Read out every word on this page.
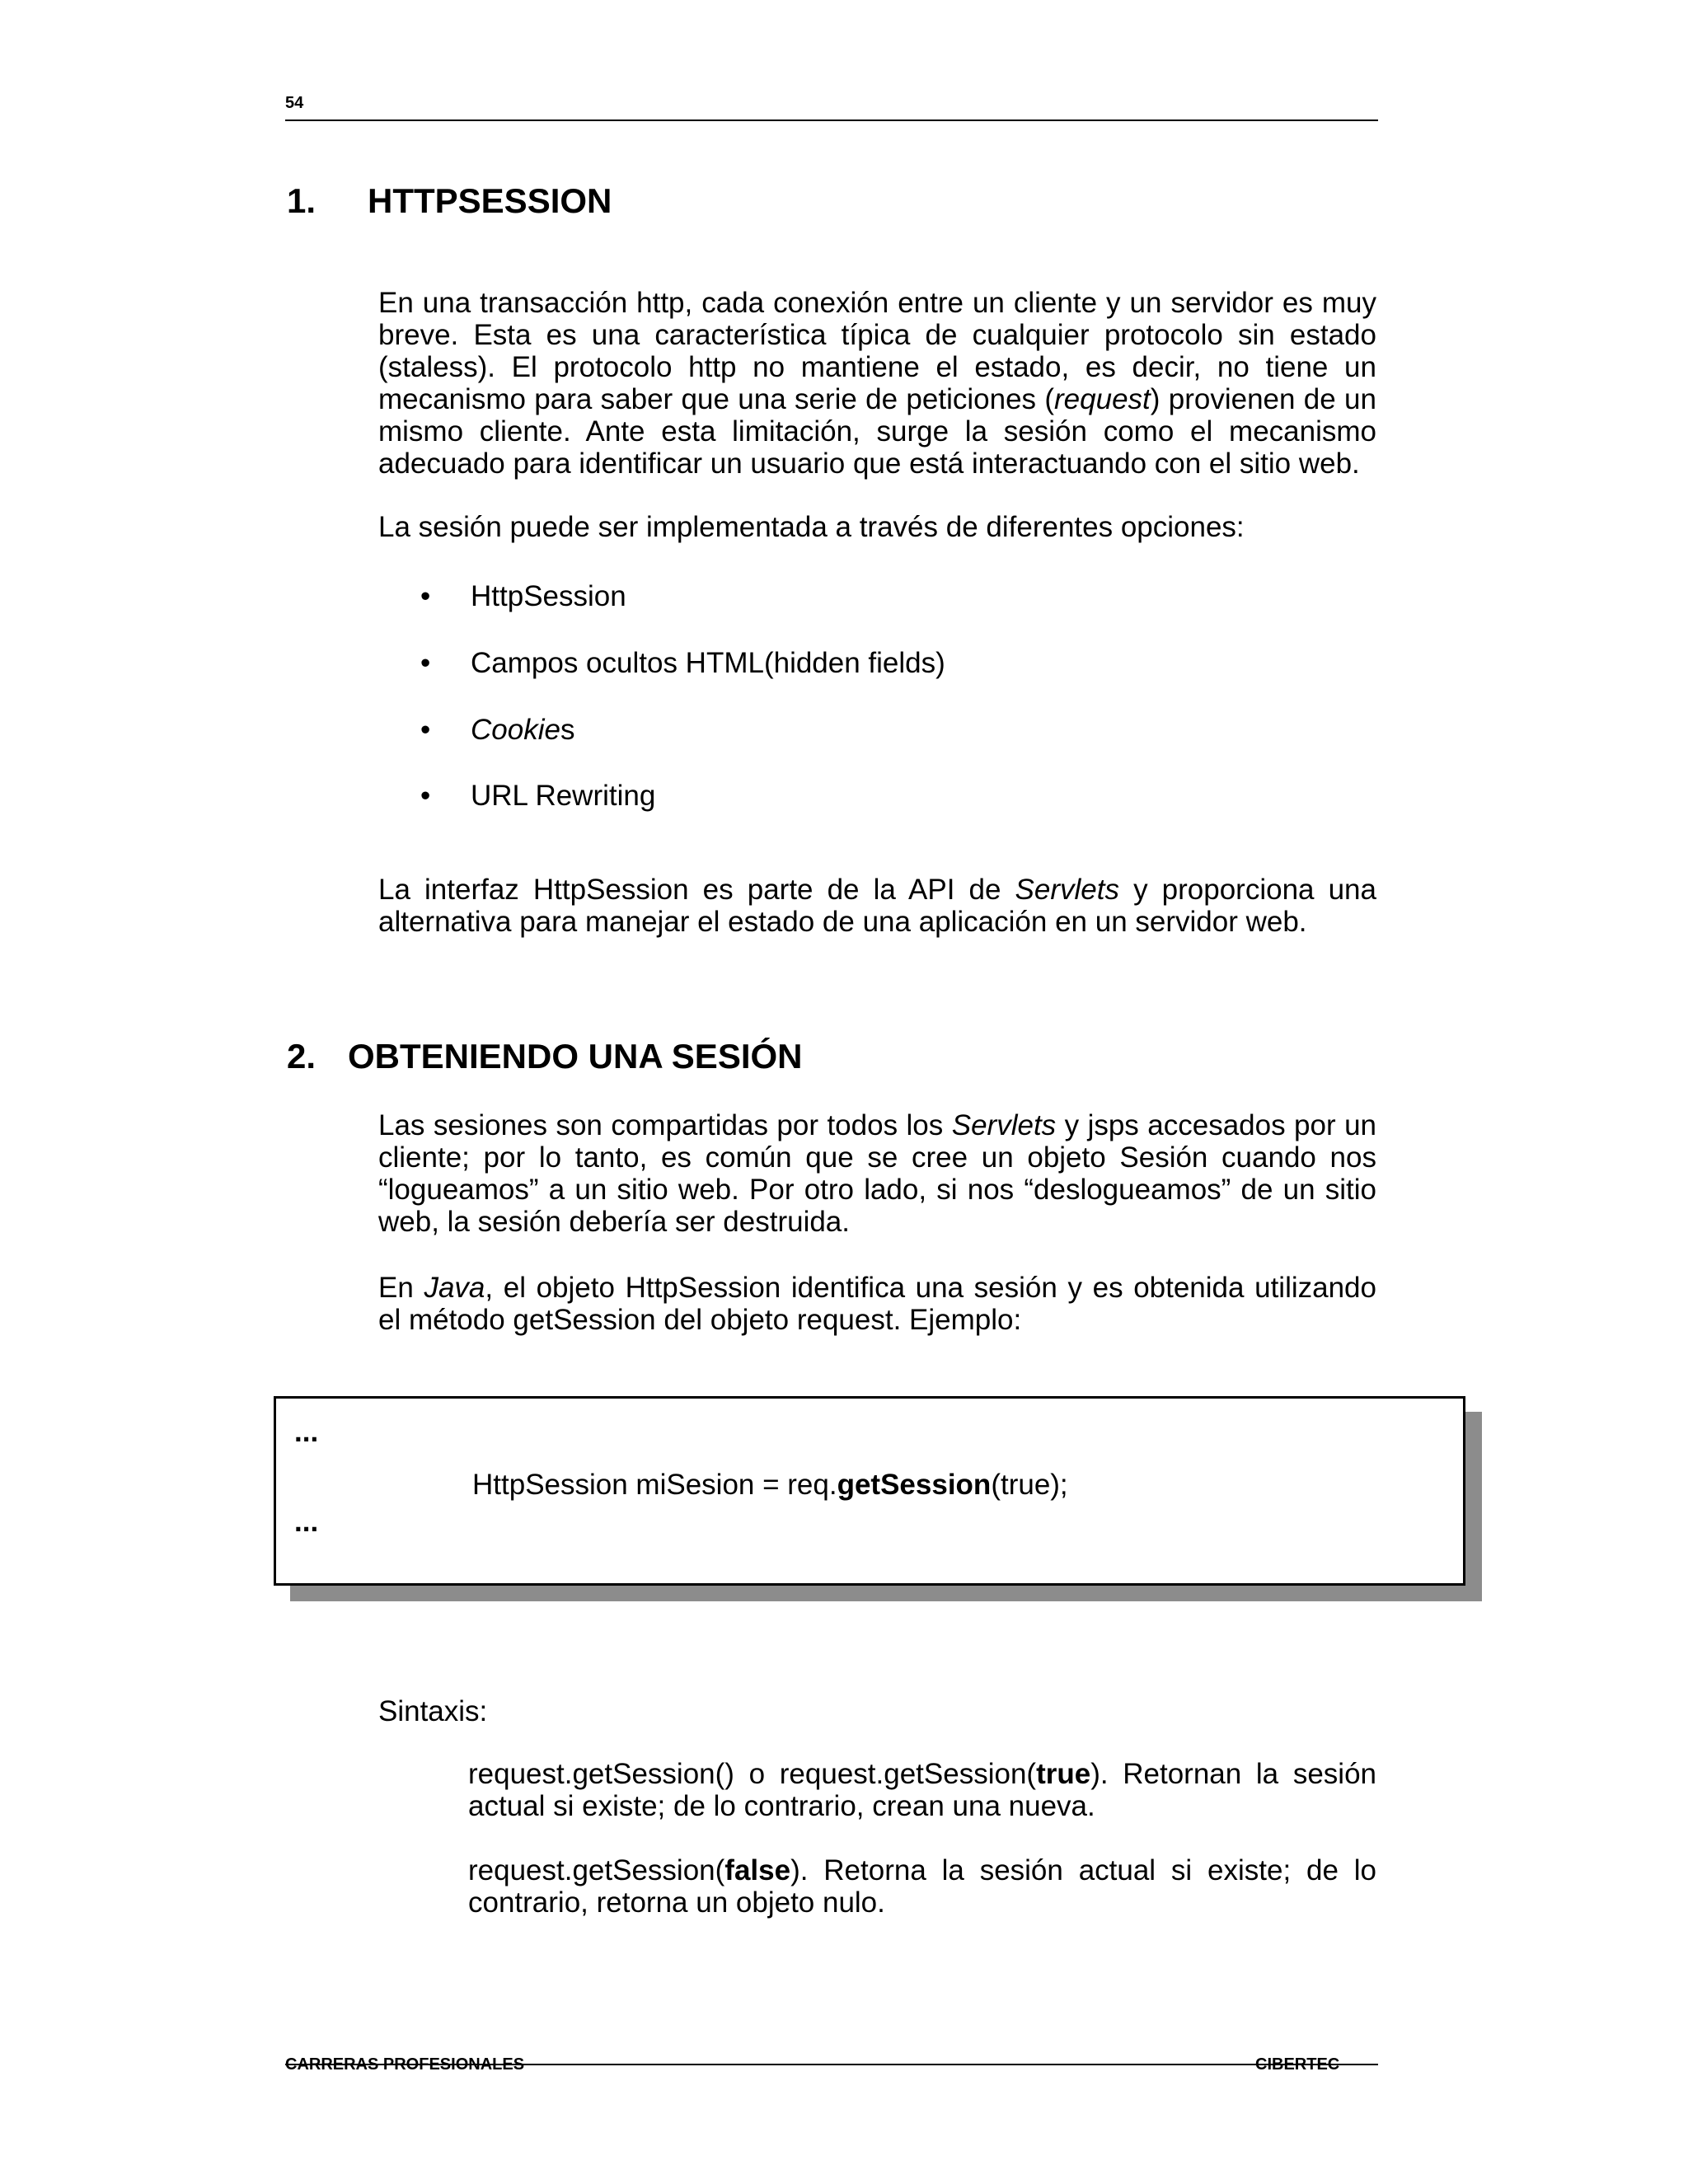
54
1. HTTPSESSION
En una transacción http, cada conexión entre un cliente y un servidor es muy breve. Esta es una característica típica de cualquier protocolo sin estado (staless). El protocolo http no mantiene el estado, es decir, no tiene un mecanismo para saber que una serie de peticiones (request) provienen de un mismo cliente. Ante esta limitación, surge la sesión como el mecanismo adecuado para identificar un usuario que está interactuando con el sitio web.
La sesión puede ser implementada a través de diferentes opciones:
• HttpSession
• Campos ocultos HTML(hidden fields)
• Cookies
• URL Rewriting
La interfaz HttpSession es parte de la API de Servlets y proporciona una alternativa para manejar el estado de una aplicación en un servidor web.
2. OBTENIENDO UNA SESIÓN
Las sesiones son compartidas por todos los Servlets y jsps accesados por un cliente; por lo tanto, es común que se cree un objeto Sesión cuando nos “logueamos” a un sitio web. Por otro lado, si nos “deslogueamos” de un sitio web, la sesión debería ser destruida.
En Java, el objeto HttpSession identifica una sesión y es obtenida utilizando el método getSession del objeto request. Ejemplo:
...
HttpSession miSesion = req.getSession(true);
...
Sintaxis:
request.getSession() o request.getSession(true). Retornan la sesión actual si existe; de lo contrario, crean una nueva.
request.getSession(false). Retorna la sesión actual si existe; de lo contrario, retorna un objeto nulo.
CARRERAS PROFESIONALES	CIBERTEC
